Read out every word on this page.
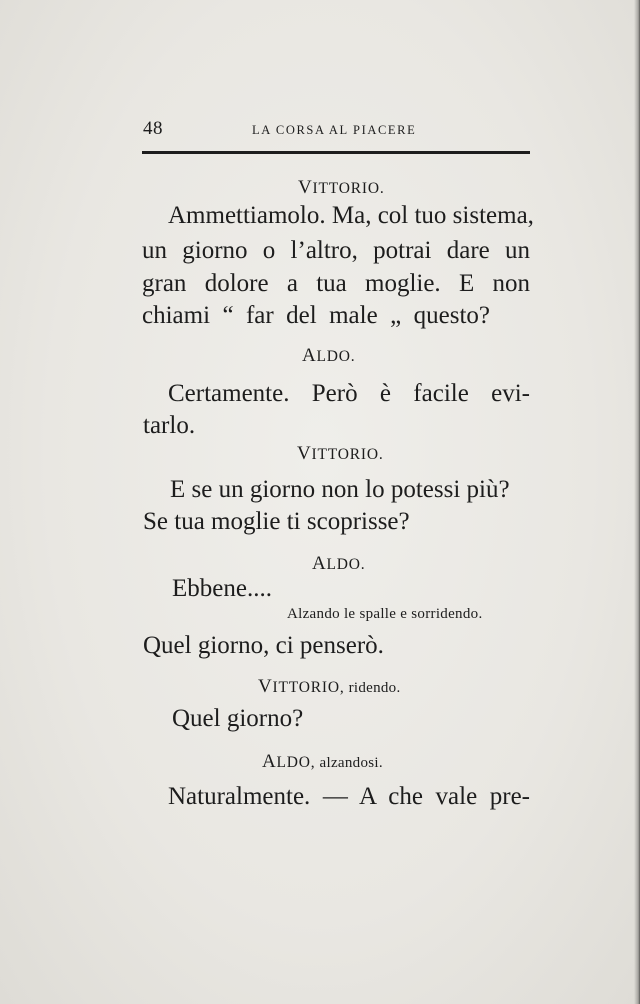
48	LA CORSA AL PIACERE
VITTORIO.
Ammettiamolo. Ma, col tuo sistema,
un giorno o l’altro, potrai dare un
gran dolore a tua moglie. E non
chiami “ far del male „ questo?
ALDO.
Certamente. Però è facile evi-
tarlo.
VITTORIO.
E se un giorno non lo potessi più?
Se tua moglie ti scoprisse?
ALDO.
Ebbene....
Alzando le spalle e sorridendo.
Quel giorno, ci penserò.
VITTORIO, ridendo.
Quel giorno?
ALDO, alzandosi.
Naturalmente. — A che vale pre-
